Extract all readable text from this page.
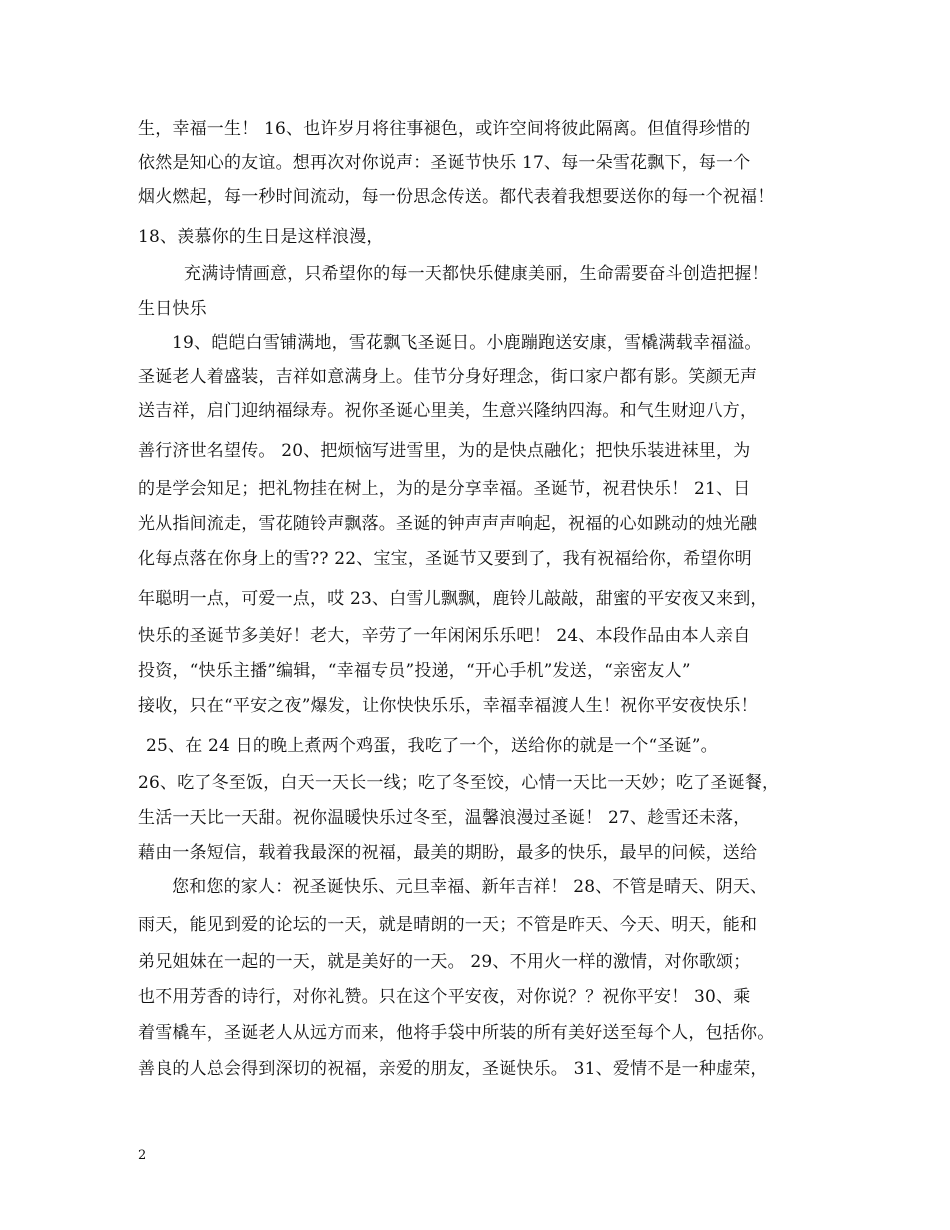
生，幸福一生！ 16、也许岁月将往事褪色，或许空间将彼此隔离。但值得珍惜的
依然是知心的友谊。想再次对你说声：圣诞节快乐 17、每一朵雪花飘下，每一个
烟火燃起，每一秒时间流动，每一份思念传送。都代表着我想要送你的每一个祝福！
18、羡慕你的生日是这样浪漫，
充满诗情画意，只希望你的每一天都快乐健康美丽，生命需要奋斗创造把握！
生日快乐
19、皑皑白雪铺满地，雪花飘飞圣诞日。小鹿蹦跑送安康，雪橇满载幸福溢。
圣诞老人着盛装，吉祥如意满身上。佳节分身好理念，街口家户都有影。笑颜无声
送吉祥，启门迎纳福绿寿。祝你圣诞心里美，生意兴隆纳四海。和气生财迎八方，
善行济世名望传。 20、把烦恼写进雪里，为的是快点融化；把快乐装进袜里，为
的是学会知足；把礼物挂在树上，为的是分享幸福。圣诞节，祝君快乐！ 21、日
光从指间流走，雪花随铃声飘落。圣诞的钟声声声响起，祝福的心如跳动的烛光融
化每点落在你身上的雪?? 22、宝宝，圣诞节又要到了，我有祝福给你，希望你明
年聪明一点，可爱一点，哎 23、白雪儿飘飘，鹿铃儿敲敲，甜蜜的平安夜又来到，
快乐的圣诞节多美好！老大，辛劳了一年闲闲乐乐吧！ 24、本段作品由本人亲自
投资，“快乐主播”编辑，“幸福专员”投递，“开心手机”发送，“亲密友人”
接收，只在“平安之夜”爆发，让你快快乐乐，幸福幸福渡人生！祝你平安夜快乐！
25、在 24 日的晚上煮两个鸡蛋，我吃了一个，送给你的就是一个“圣诞”。
26、吃了冬至饭，白天一天长一线；吃了冬至饺，心情一天比一天妙；吃了圣诞餐，
生活一天比一天甜。祝你温暖快乐过冬至，温馨浪漫过圣诞！ 27、趁雪还未落，
藉由一条短信，载着我最深的祝福，最美的期盼，最多的快乐，最早的问候，送给
您和您的家人：祝圣诞快乐、元旦幸福、新年吉祥！ 28、不管是晴天、阴天、
雨天，能见到爱的论坛的一天，就是晴朗的一天；不管是昨天、今天、明天，能和
弟兄姐妹在一起的一天，就是美好的一天。 29、不用火一样的激情，对你歌颂；
也不用芳香的诗行，对你礼赞。只在这个平安夜，对你说？？祝你平安！ 30、乘
着雪橇车，圣诞老人从远方而来，他将手袋中所装的所有美好送至每个人，包括你。
善良的人总会得到深切的祝福，亲爱的朋友，圣诞快乐。 31、爱情不是一种虚荣，
2
